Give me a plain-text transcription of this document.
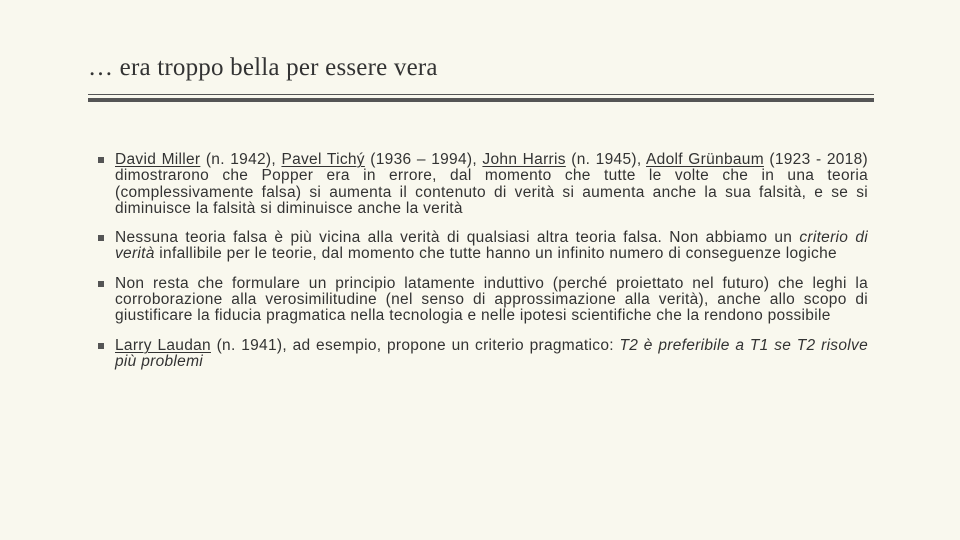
… era troppo bella per essere vera
David Miller (n. 1942), Pavel Tichý (1936 – 1994), John Harris (n. 1945), Adolf Grünbaum (1923 - 2018) dimostrarono che Popper era in errore, dal momento che tutte le volte che in una teoria (complessivamente falsa) si aumenta il contenuto di verità si aumenta anche la sua falsità, e se si diminuisce la falsità si diminuisce anche la verità
Nessuna teoria falsa è più vicina alla verità di qualsiasi altra teoria falsa. Non abbiamo un criterio di verità infallibile per le teorie, dal momento che tutte hanno un infinito numero di conseguenze logiche
Non resta che formulare un principio latamente induttivo (perché proiettato nel futuro) che leghi la corroborazione alla verosimilitudine (nel senso di approssimazione alla verità), anche allo scopo di giustificare la fiducia pragmatica nella tecnologia e nelle ipotesi scientifiche che la rendono possibile
Larry Laudan (n. 1941), ad esempio, propone un criterio pragmatico: T2 è preferibile a T1 se T2 risolve più problemi
